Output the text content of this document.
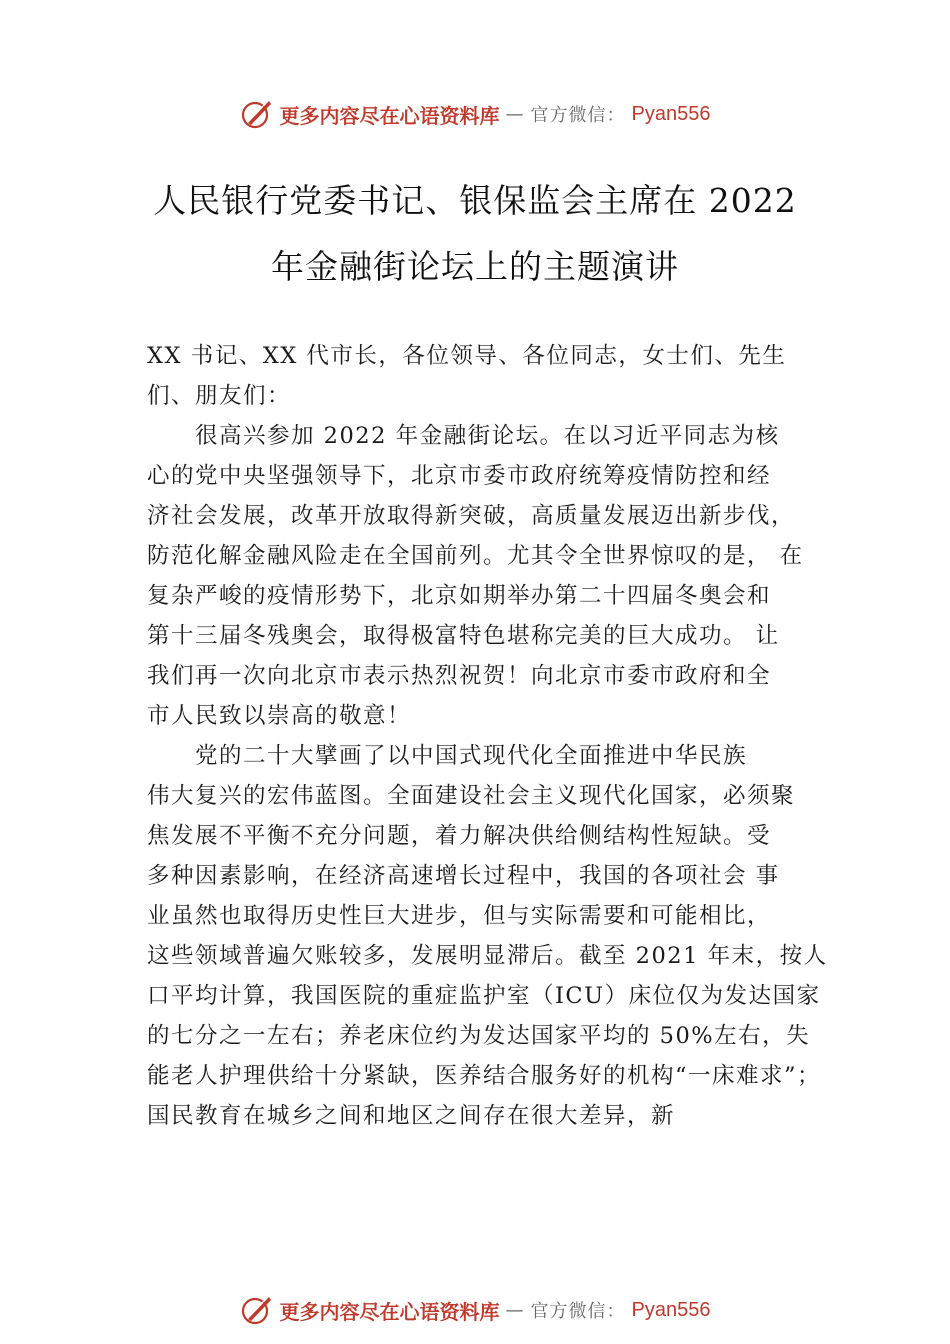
更多内容尽在心语资料库 — 官方微信： Pyan556
人民银行党委书记、银保监会主席在 2022
年金融街论坛上的主题演讲
XX 书记、XX 代市长，各位领导、各位同志，女士们、先生
们、朋友们：
　　很高兴参加 2022 年金融街论坛。在以习近平同志为核
心的党中央坚强领导下，北京市委市政府统筹疫情防控和经
济社会发展，改革开放取得新突破，高质量发展迈出新步伐，
防范化解金融风险走在全国前列。尤其令全世界惊叹的是， 在
复杂严峻的疫情形势下，北京如期举办第二十四届冬奥会和
第十三届冬残奥会，取得极富特色堪称完美的巨大成功。 让
我们再一次向北京市表示热烈祝贺！向北京市委市政府和全
市人民致以崇高的敬意！
　　党的二十大擘画了以中国式现代化全面推进中华民族
伟大复兴的宏伟蓝图。全面建设社会主义现代化国家，必须聚
焦发展不平衡不充分问题，着力解决供给侧结构性短缺。受
多种因素影响，在经济高速增长过程中，我国的各项社会 事
业虽然也取得历史性巨大进步，但与实际需要和可能相比，
这些领域普遍欠账较多，发展明显滞后。截至 2021 年末，按人
口平均计算，我国医院的重症监护室（ICU）床位仅为发达国家
的七分之一左右；养老床位约为发达国家平均的 50%左右，失
能老人护理供给十分紧缺，医养结合服务好的机构“一床难求”；
国民教育在城乡之间和地区之间存在很大差异，新
更多内容尽在心语资料库 — 官方微信： Pyan556
